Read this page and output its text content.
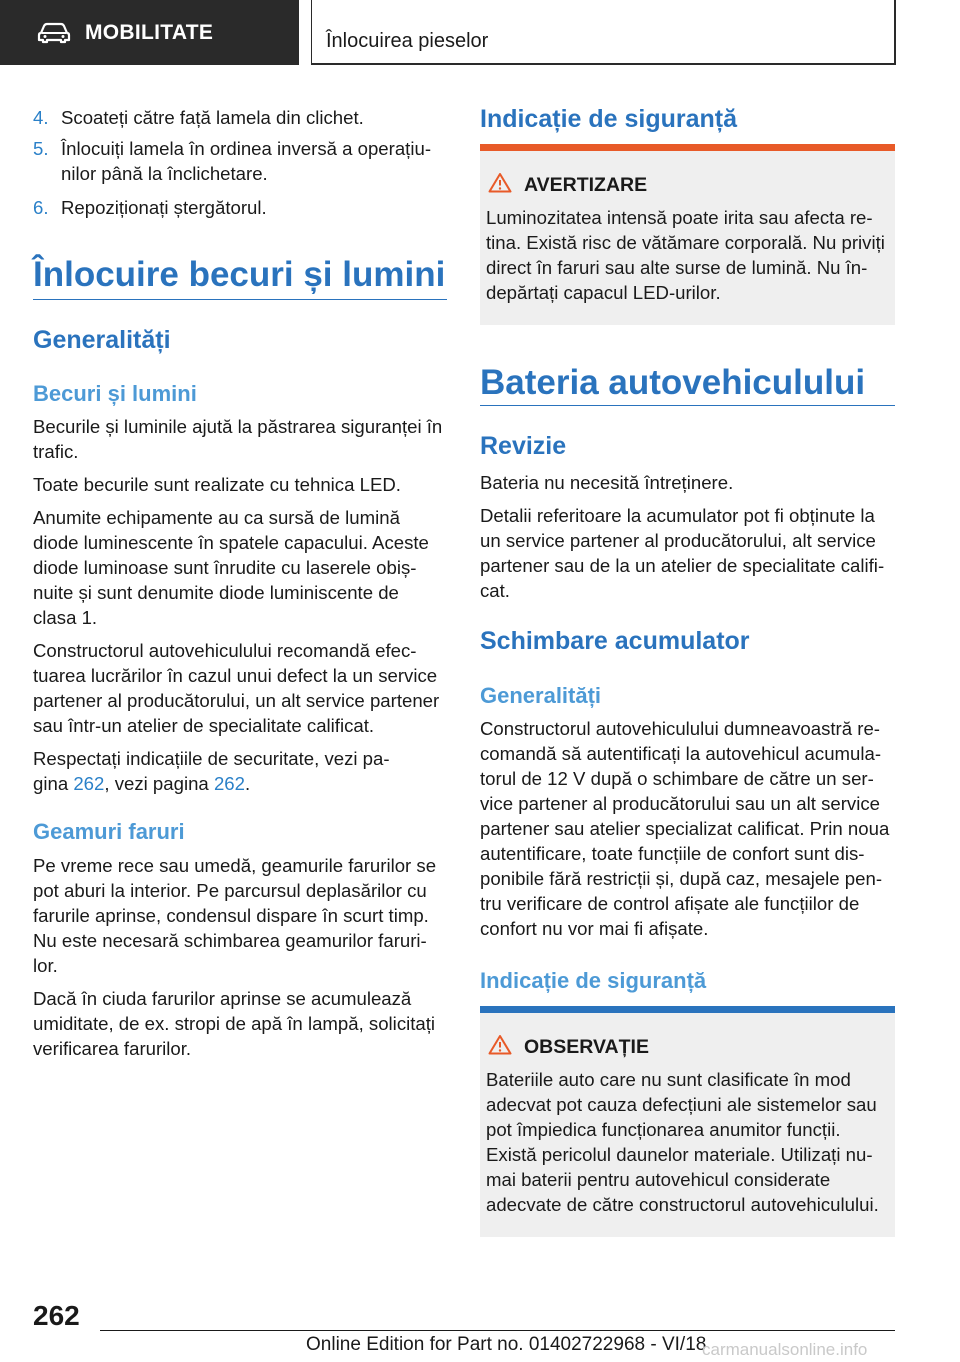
MOBILITATE	Înlocuirea pieselor

4. Scoateți către față lamela din clichet.

5. Înlocuiți lamela în ordinea inversă a operațiu-
nilor până la înclichetare.

6. Repoziționați ștergătorul.

Înlocuire becuri și lumini
Generalități
Becuri și lumini

Becurile și luminile ajută la păstrarea siguranței în

trafic.

Toate becurile sunt realizate cu tehnica LED.

Anumite echipamente au ca sursă de lumină

diode luminescente în spatele capacului. Aceste

diode luminoase sunt înrudite cu laserele obiș-

nuite și sunt denumite diode luminiscente de

clasa 1.

Constructorul autovehiculului recomandă efec-

tuarea lucrărilor în cazul unui defect la un service

partener al producătorului, un alt service partener

sau într-un atelier de specialitate calificat.

Respectați indicațiile de securitate, vezi pa-

gina 262, vezi pagina 262.

Geamuri faruri

Pe vreme rece sau umedă, geamurile farurilor se

pot aburi la interior. Pe parcursul deplasărilor cu

farurile aprinse, condensul dispare în scurt timp.

Nu este necesară schimbarea geamurilor faruri-

lor.

Dacă în ciuda farurilor aprinse se acumulează

umiditate, de ex. stropi de apă în lampă, solicitați

verificarea farurilor.

Indicație de siguranță
AVERTIZARE

Luminozitatea intensă poate irita sau afecta re-

tina. Există risc de vătămare corporală. Nu priviți

direct în faruri sau alte surse de lumină. Nu în-

depărtați capacul LED-urilor.

Bateria autovehiculului
Revizie

Bateria nu necesită întreținere.

Detalii referitoare la acumulator pot fi obținute la

un service partener al producătorului, alt service

partener sau de la un atelier de specialitate califi-

cat.

Schimbare acumulator
Generalități

Constructorul autovehiculului dumneavoastră re-

comandă să autentificați la autovehicul acumula-

torul de 12 V după o schimbare de către un ser-

vice partener al producătorului sau un alt service

partener sau atelier specializat calificat. Prin noua

autentificare, toate funcțiile de confort sunt dis-

ponibile fără restricții și, după caz, mesajele pen-

tru verificare de control afișate ale funcțiilor de

confort nu vor mai fi afișate.

Indicație de siguranță
OBSERVAȚIE

Bateriile auto care nu sunt clasificate în mod

adecvat pot cauza defecțiuni ale sistemelor sau

pot împiedica funcționarea anumitor funcții.

Există pericolul daunelor materiale. Utilizați nu-

mai baterii pentru autovehicul considerate

adecvate de către constructorul autovehiculului.

262
Online Edition for Part no. 01402722968 - VI/18
carmanualsonline.info
